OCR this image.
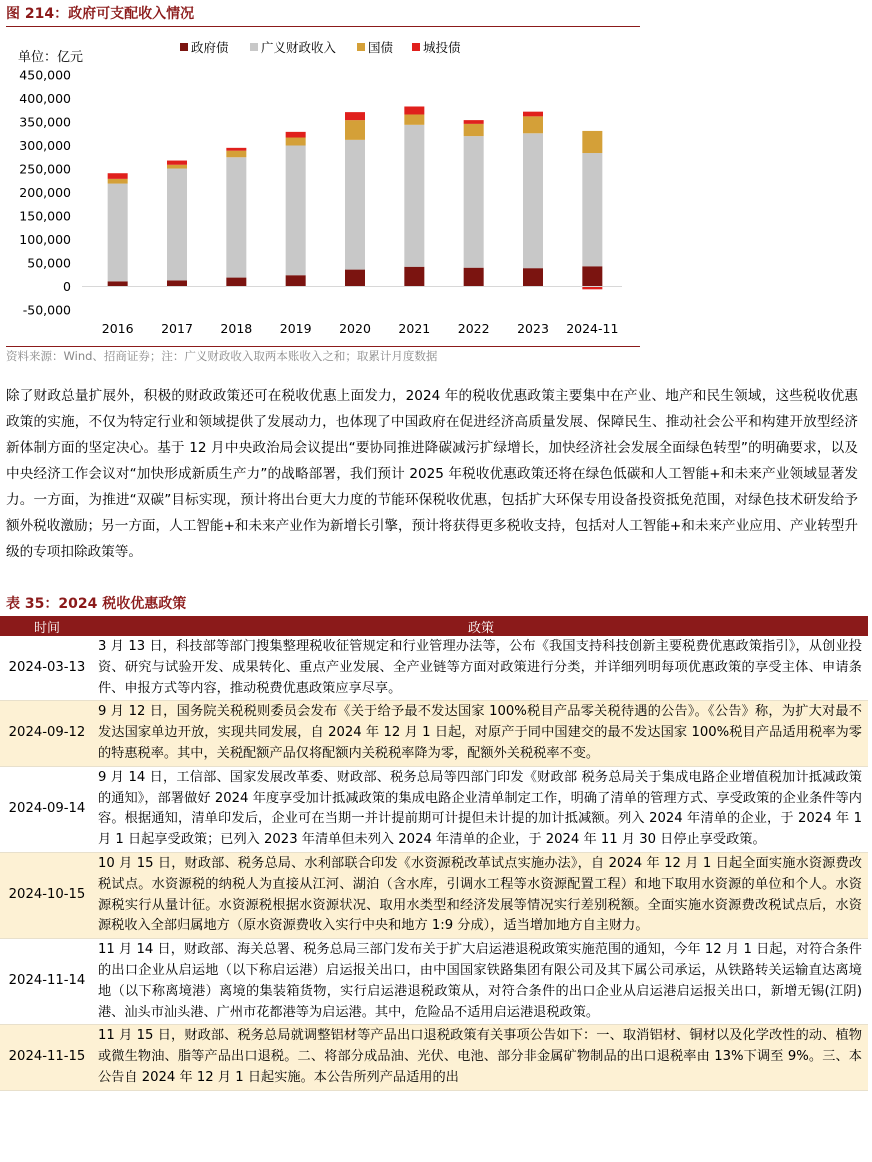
图 214：政府可支配收入情况
政府债	广义财政收入	国债 城投债
单位：亿元
-50,000
0
50,000
100,000
150,000
200,000
250,000
300,000
350,000
400,000
450,000
2016 2017 2018 2019 2020 2021 2022 2023 2024-11
资料来源：Wind、招商证券；注：广义财政收入取两本账收入之和；取累计月度数据

除了财政总量扩展外，积极的财政政策还可在税收优惠上面发力，2024 年的税收优惠政策主要集中在产业、地产和民生领域，这些税收优惠政策的实施，不仅为特定行业和领域提供了发展动力，也体现了中国政府在促进经济高质量发展、保障民生、推动社会公平和构建开放型经济新体制方面的坚定决心。基于 12 月中央政治局会议提出“要协同推进降碳减污扩绿增长，加快经济社会发展全面绿色转型”的明确要求，以及中央经济工作会议对“加快形成新质生产力”的战略部署，我们预计 2025 年税收优惠政策还将在绿色低碳和人工智能+和未来产业领域显著发力。一方面，为推进“双碳”目标实现，预计将出台更大力度的节能环保税收优惠，包括扩大环保专用设备投资抵免范围，对绿色技术研发给予额外税收激励；另一方面，人工智能+和未来产业作为新增长引擎，预计将获得更多税收支持，包括对人工智能+和未来产业应用、产业转型升级的专项扣除政策等。

表 35：2024 税收优惠政策
时间	政策
2024-03-13	3 月 13 日，科技部等部门搜集整理税收征管规定和行业管理办法等，公布《我国支持科技创新主要税费优惠政策指引》，从创业投资、研究与试验开发、成果转化、重点产业发展、全产业链等方面对政策进行分类，并详细列明每项优惠政策的享受主体、申请条件、申报方式等内容，推动税费优惠政策应享尽享。
2024-09-12	9 月 12 日，国务院关税税则委员会发布《关于给予最不发达国家 100%税目产品零关税待遇的公告》。《公告》称，为扩大对最不发达国家单边开放，实现共同发展，自 2024 年 12 月 1 日起，对原产于同中国建交的最不发达国家 100%税目产品适用税率为零的特惠税率。其中，关税配额产品仅将配额内关税税率降为零，配额外关税税率不变。
2024-09-14	9 月 14 日，工信部、国家发展改革委、财政部、税务总局等四部门印发《财政部 税务总局关于集成电路企业增值税加计抵减政策的通知》，部署做好 2024 年度享受加计抵减政策的集成电路企业清单制定工作，明确了清单的管理方式、享受政策的企业条件等内容。根据通知，清单印发后，企业可在当期一并计提前期可计提但未计提的加计抵减额。列入 2024 年清单的企业，于 2024 年 1 月 1 日起享受政策；已列入 2023 年清单但未列入 2024 年清单的企业，于 2024 年 11 月 30 日停止享受政策。
2024-10-15	10 月 15 日，财政部、税务总局、水利部联合印发《水资源税改革试点实施办法》，自 2024 年 12 月 1 日起全面实施水资源费改税试点。水资源税的纳税人为直接从江河、湖泊（含水库，引调水工程等水资源配置工程）和地下取用水资源的单位和个人。水资源税实行从量计征。水资源税根据水资源状况、取用水类型和经济发展等情况实行差别税额。全面实施水资源费改税试点后，水资源税收入全部归属地方（原水资源费收入实行中央和地方 1:9 分成），适当增加地方自主财力。
2024-11-14	11 月 14 日，财政部、海关总署、税务总局三部门发布关于扩大启运港退税政策实施范围的通知，今年 12 月 1 日起，对符合条件的出口企业从启运地（以下称启运港）启运报关出口，由中国国家铁路集团有限公司及其下属公司承运，从铁路转关运输直达离境地（以下称离境港）离境的集装箱货物，实行启运港退税政策从，对符合条件的出口企业从启运港启运报关出口，新增无锡(江阴)港、汕头市汕头港、广州市花都港等为启运港。其中，危险品不适用启运港退税政策。
2024-11-15	11 月 15 日，财政部、税务总局就调整铝材等产品出口退税政策有关事项公告如下：一、取消铝材、铜材以及化学改性的动、植物或微生物油、脂等产品出口退税。二、将部分成品油、光伏、电池、部分非金属矿物制品的出口退税率由 13%下调至 9%。三、本公告自 2024 年 12 月 1 日起实施。本公告所列产品适用的出
